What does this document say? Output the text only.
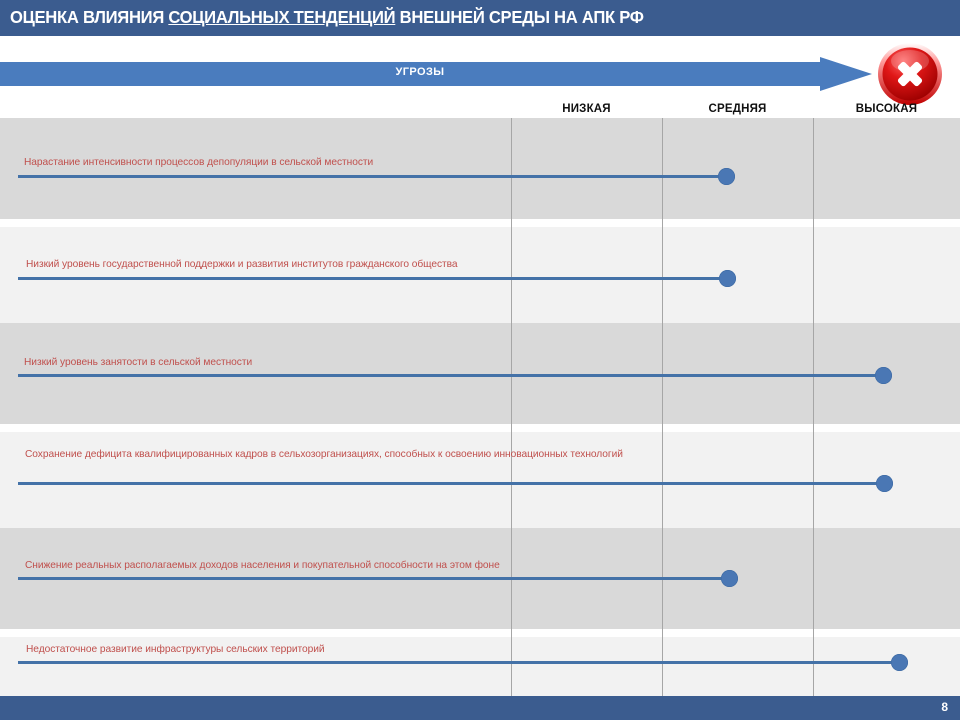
ОЦЕНКА ВЛИЯНИЯ СОЦИАЛЬНЫХ ТЕНДЕНЦИЙ ВНЕШНЕЙ СРЕДЫ НА АПК РФ
УГРОЗЫ
НИЗКАЯ	СРЕДНЯЯ	ВЫСОКАЯ
Нарастание интенсивности процессов депопуляции в сельской местности
Низкий уровень государственной поддержки и развития институтов гражданского общества
Низкий уровень занятости в сельской местности
Сохранение дефицита квалифицированных кадров в сельхозорганизациях, способных к освоению инновационных технологий
Снижение реальных располагаемых доходов населения и покупательной способности на этом фоне
Недостаточное развитие инфраструктуры сельских территорий
8
